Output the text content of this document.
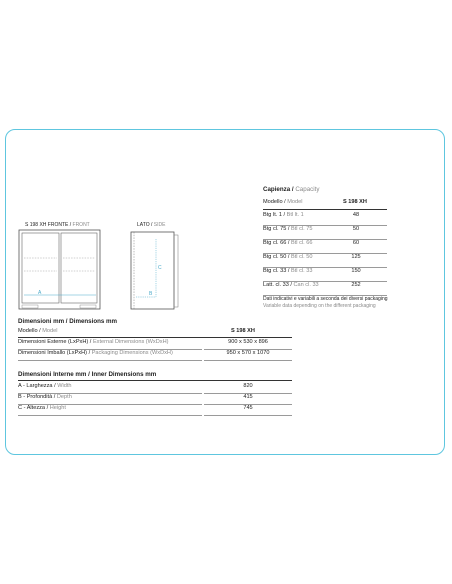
Capienza / Capacity
Modello / Model	S 198 XH
Btg lt. 1 / Btl lt. 1	48
Btg cl. 75 / Btl cl. 75	50
Btg cl. 66 / Btl cl. 66	60
Btg cl. 50 / Btl cl. 50	125
Btg cl. 33 / Btl cl. 33	150
Latt. cl. 33 / Can cl. 33	252
Dati indicativi e variabili a seconda dei diversi packaging
Variable data depending on the different packaging
S 198 XH FRONTE / FRONT	LATO / SIDE
A	B
C
Dimensioni mm / Dimensions mm
Modello / Model	S 198 XH
Dimensioni Esterne (LxPxH) / External Dimensions (WxDxH)	900 x 530 x 896
Dimensioni Imballo (LxPxH) / Packaging Dimensions (WxDxH)	950 x 570 x 1070
Dimensioni Interne mm / Inner Dimensions mm
A - Larghezza / Width	820
B - Profondità / Depth	415
C - Altezza / Height	745
